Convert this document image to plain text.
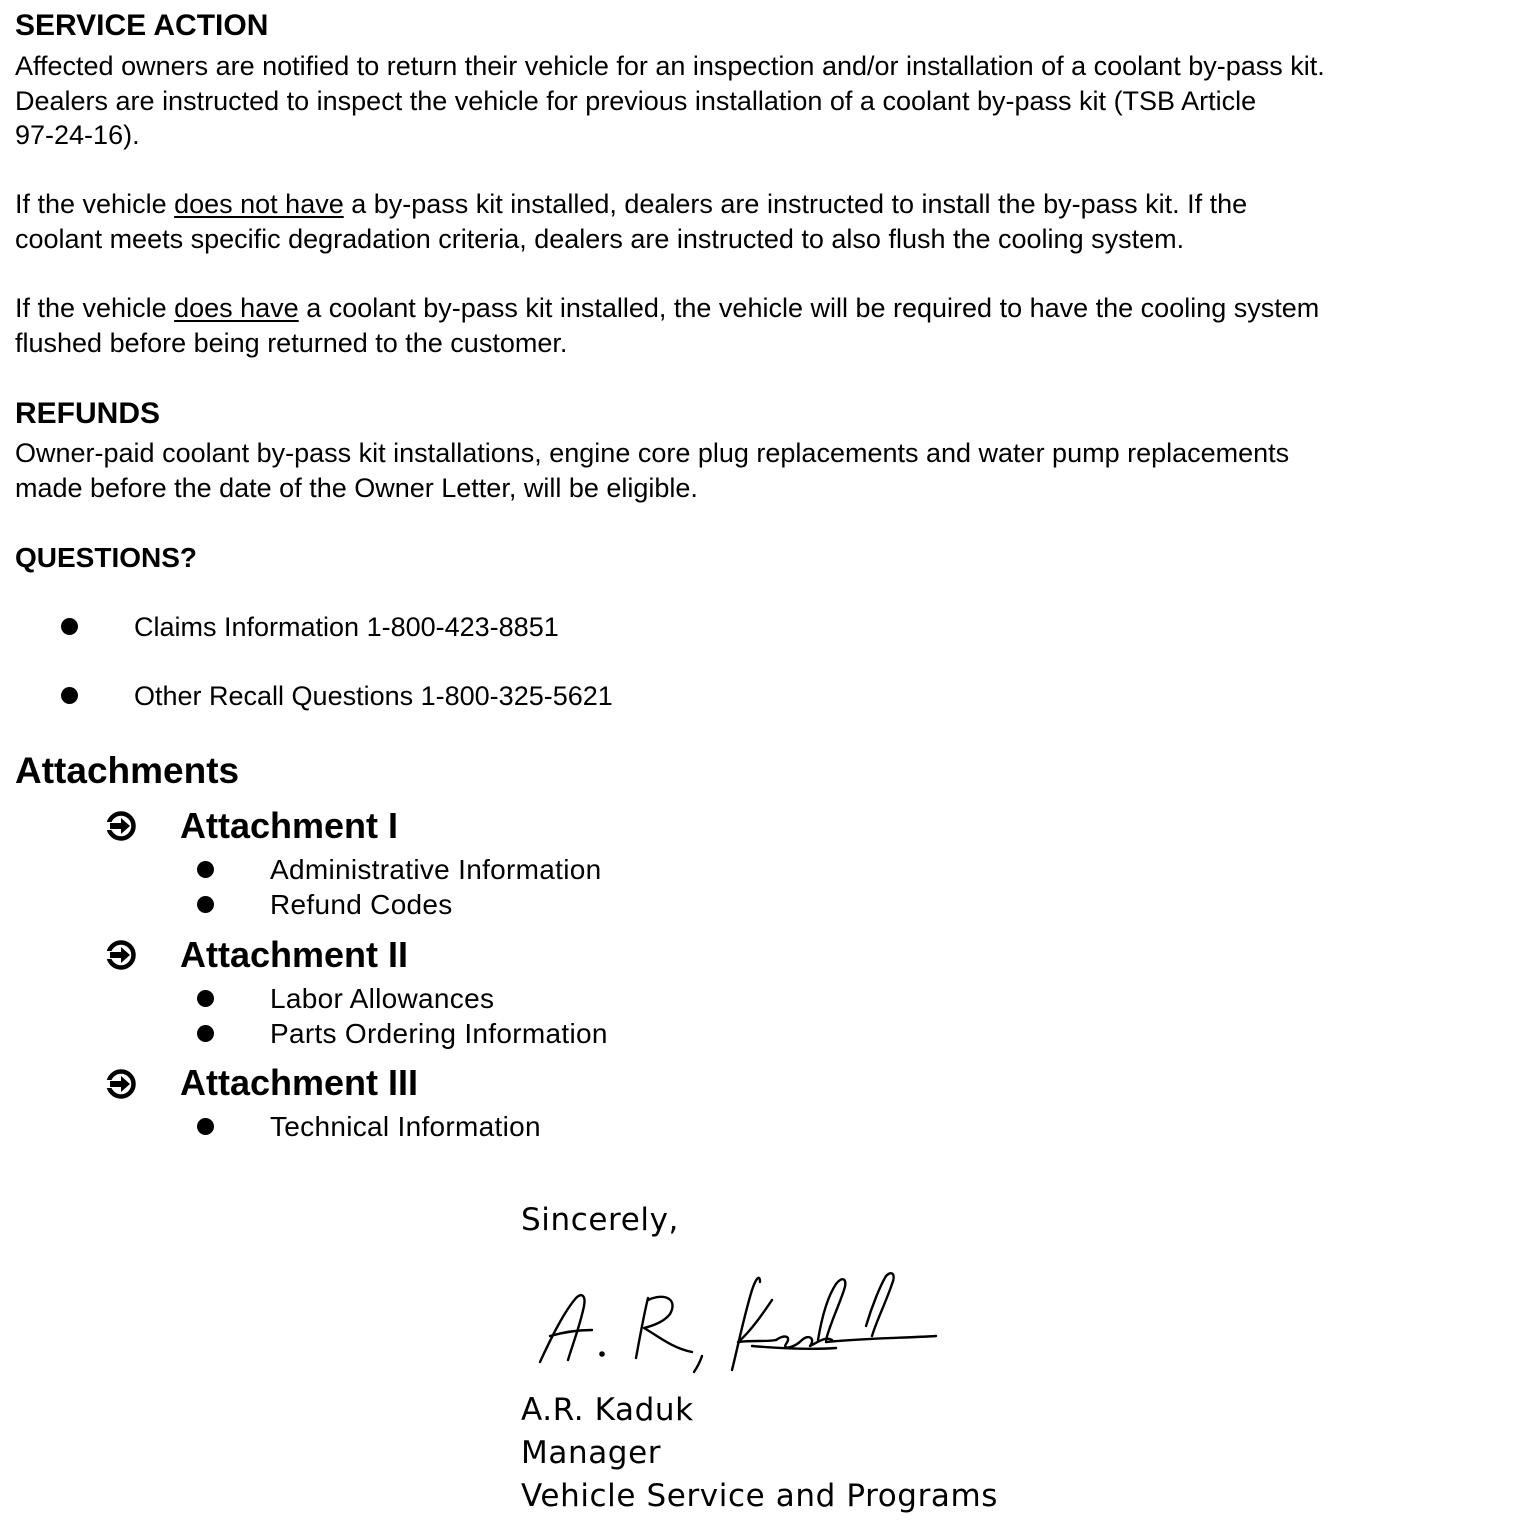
SERVICE ACTION
Affected owners are notified to return their vehicle for an inspection and/or installation of a coolant by-pass kit.
Dealers are instructed to inspect the vehicle for previous installation of a coolant by-pass kit (TSB Article
97-24-16).
If the vehicle does not have a by-pass kit installed, dealers are instructed to install the by-pass kit. If the
coolant meets specific degradation criteria, dealers are instructed to also flush the cooling system.
If the vehicle does have a coolant by-pass kit installed, the vehicle will be required to have the cooling system
flushed before being returned to the customer.
REFUNDS
Owner-paid coolant by-pass kit installations, engine core plug replacements and water pump replacements
made before the date of the Owner Letter, will be eligible.
QUESTIONS?
Claims Information 1-800-423-8851
Other Recall Questions 1-800-325-5621
Attachments
Attachment I
Administrative Information
Refund Codes
Attachment II
Labor Allowances
Parts Ordering Information
Attachment III
Technical Information
Sincerely,
A.R. Kaduk
Manager
Vehicle Service and Programs
